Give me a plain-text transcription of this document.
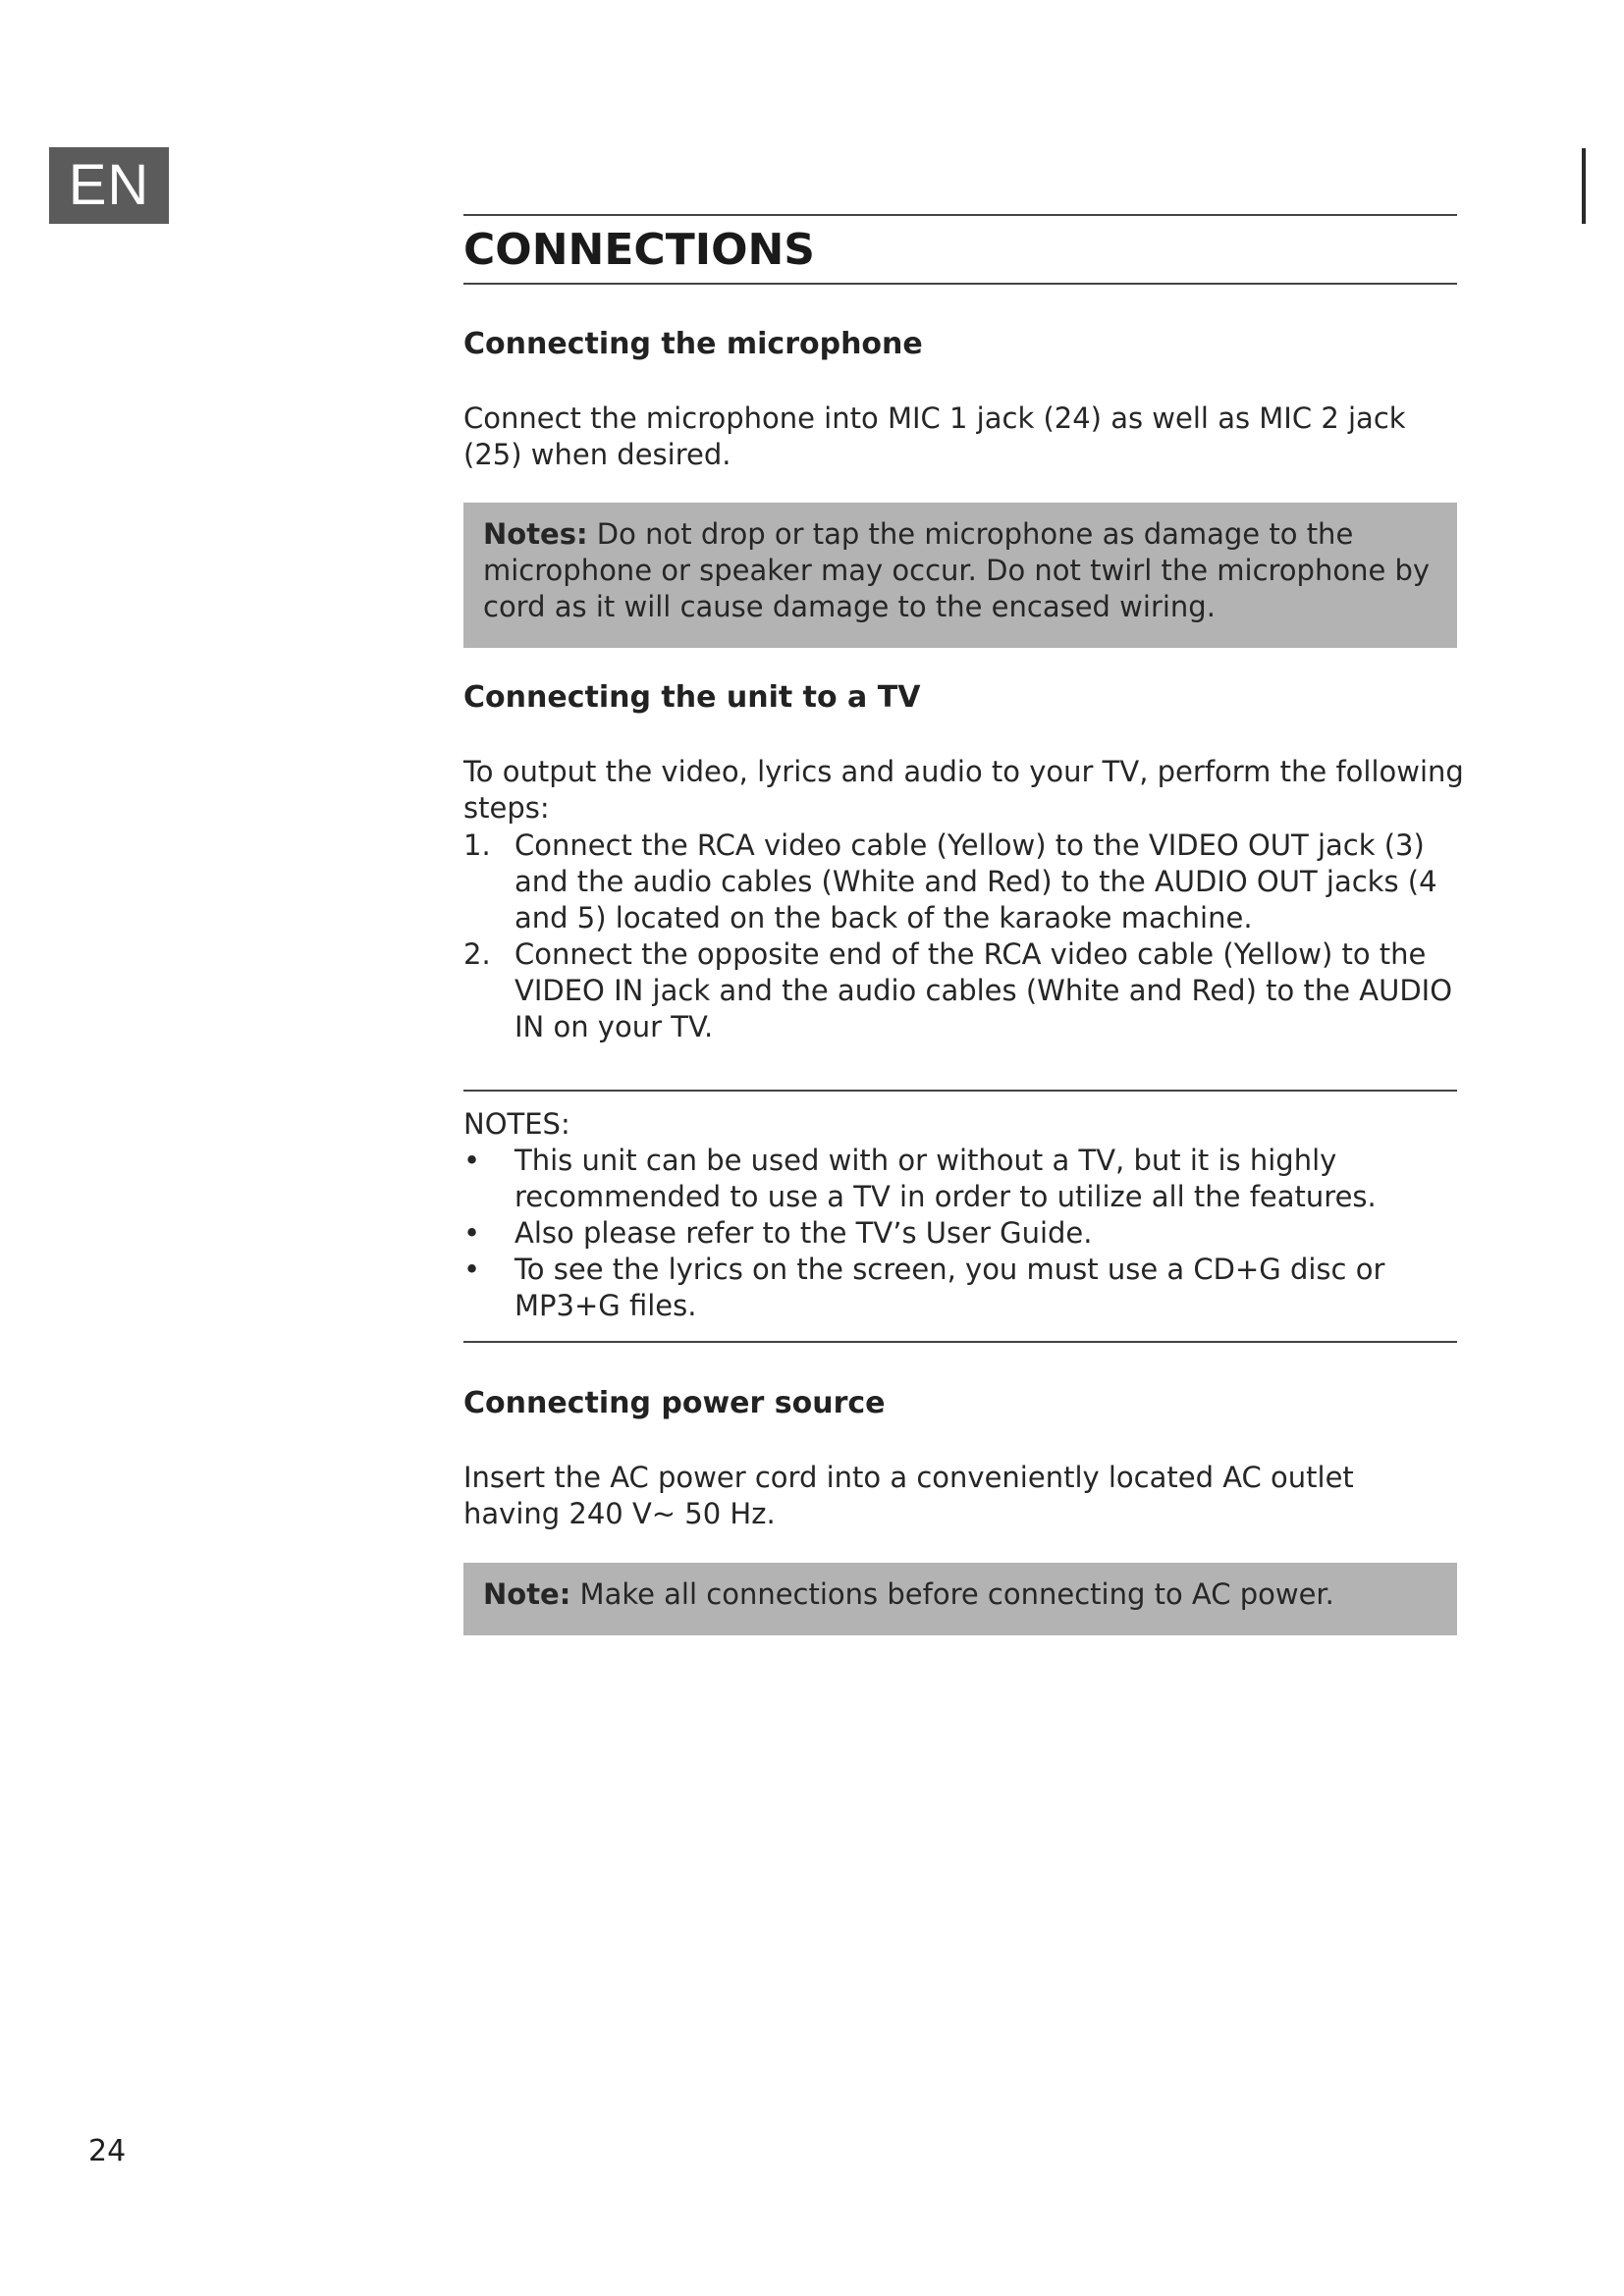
EN
CONNECTIONS
Connecting the microphone

Connect the microphone into MIC 1 jack (24) as well as MIC 2 jack (25) when desired.

Notes: Do not drop or tap the microphone as damage to the microphone or speaker may occur. Do not twirl the microphone by cord as it will cause damage to the encased wiring.
Connecting the unit to a TV

To output the video, lyrics and audio to your TV, perform the following steps:

1. Connect the RCA video cable (Yellow) to the VIDEO OUT jack (3) and the audio cables (White and Red) to the AUDIO OUT jacks (4 and 5) located on the back of the karaoke machine.
2. Connect the opposite end of the RCA video cable (Yellow) to the VIDEO IN jack and the audio cables (White and Red) to the AUDIO IN on your TV.

NOTES:

• This unit can be used with or without a TV, but it is highly recommended to use a TV in order to utilize all the features.
• Also please refer to the TV’s User Guide.
• To see the lyrics on the screen, you must use a CD+G disc or MP3+G files.
Connecting power source

Insert the AC power cord into a conveniently located AC outlet having 240 V~ 50 Hz.

Note: Make all connections before connecting to AC power.
24
